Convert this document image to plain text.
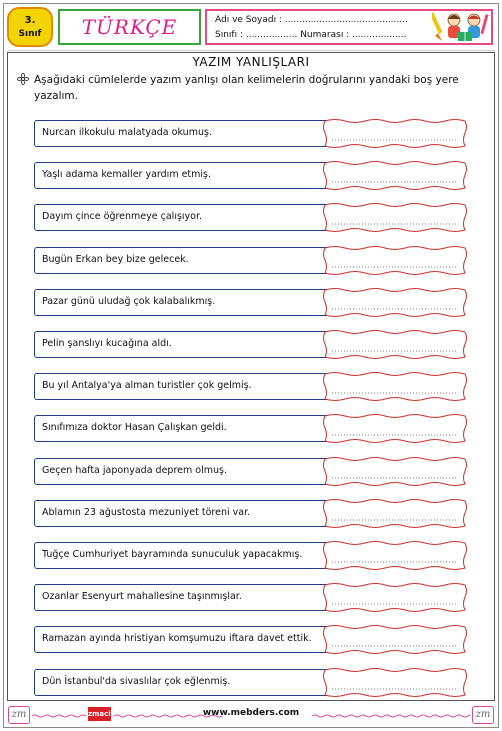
3.
Sınıf	TÜRKÇE	Adı ve Soyadı : ...........................................
Sınıfı : .................. Numarası : ...................
YAZIM YANLIŞLARI
Aşağıdaki cümlelerde yazım yanlışı olan kelimelerin doğrularını yandaki boş yere yazalım.
Nurcan ilkokulu malatyada okumuş.
Yaşlı adama kemaller yardım etmiş.
Dayım çince öğrenmeye çalışıyor.
Bugün Erkan bey bize gelecek.
Pazar günü uludağ çok kalabalıkmış.
Pelin şanslıyı kucağına aldı.
Bu yıl Antalya'ya alman turistler çok gelmiş.
Sınıfımıza doktor Hasan Çalışkan geldi.
Geçen hafta japonyada deprem olmuş.
Ablamın 23 ağustosta mezuniyet töreni var.
Tuğçe Cumhuriyet bayramında sunuculuk yapacakmış.
Ozanlar Esenyurt mahallesine taşınmışlar.
Ramazan ayında hristiyan komşumuzu iftara davet ettik.
Dün İstanbul'da sivaslılar çok eğlenmiş.
zm	zmacit58	www.mebders.com	zm
